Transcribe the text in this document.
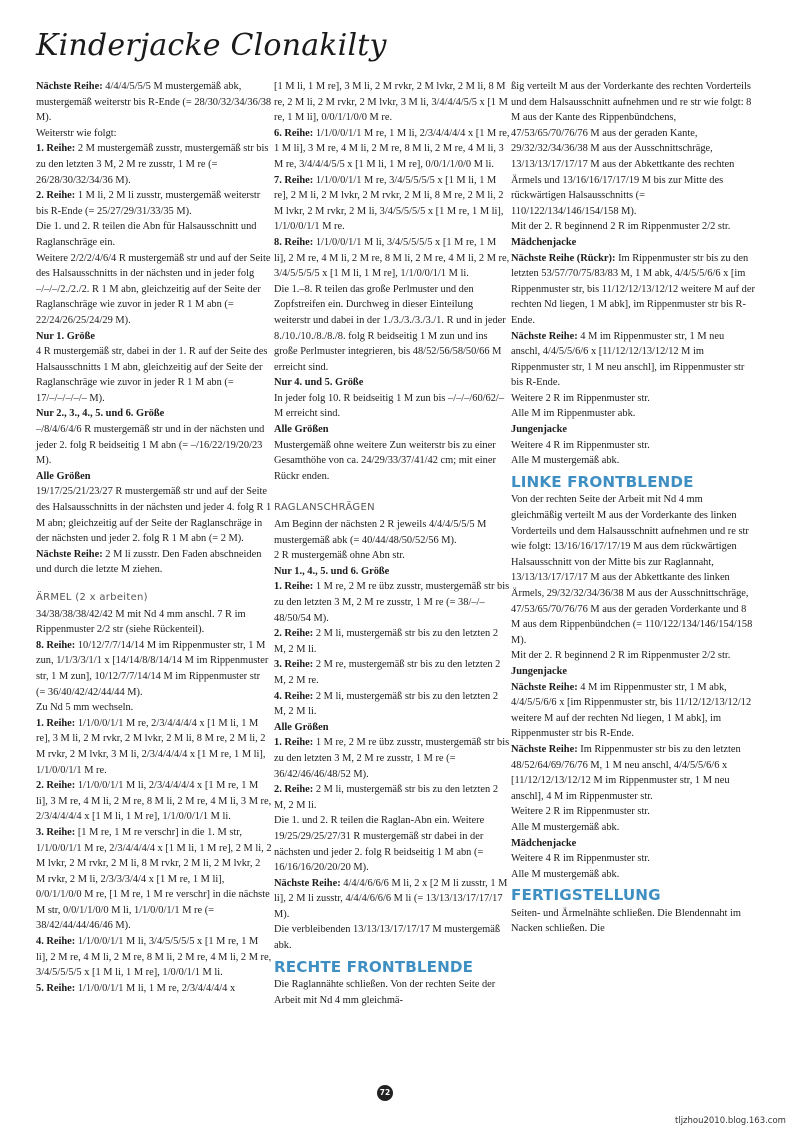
Kinderjacke Clonakilty

Nächste Reihe: 4/4/4/5/5/5 M mustergemäß abk, mustergemäß weiterstr bis R-Ende (= 28/30/32/34/36/38 M).

Weiterstr wie folgt:

1. Reihe: 2 M mustergemäß zusstr, mustergemäß str bis zu den letzten 3 M, 2 M re zusstr, 1 M re (= 26/28/30/32/34/36 M).

2. Reihe: 1 M li, 2 M li zusstr, mustergemäß weiterstr bis R-Ende (= 25/27/29/31/33/35 M).

Die 1. und 2. R teilen die Abn für Halsausschnitt und Raglanschräge ein.

Weitere 2/2/2/4/6/4 R mustergemäß str und auf der Seite des Halsausschnitts in der nächsten und in jeder folg –/–/–/2./2./2. R 1 M abn, gleichzeitig auf der Seite der Raglanschräge wie zuvor in jeder R 1 M abn (= 22/24/26/25/24/29 M).

Nur 1. Größe

4 R mustergemäß str, dabei in der 1. R auf der Seite des Halsausschnitts 1 M abn, gleichzeitig auf der Seite der Raglanschräge wie zuvor in jeder R 1 M abn (= 17/–/–/–/–/– M).

Nur 2., 3., 4., 5. und 6. Größe

–/8/4/6/4/6 R mustergemäß str und in der nächsten und jeder 2. folg R beidseitig 1 M abn (= –/16/22/19/20/23 M).

Alle Größen

19/17/25/21/23/27 R mustergemäß str und auf der Seite des Halsausschnitts in der nächsten und jeder 4. folg R 1 M abn; gleichzeitig auf der Seite der Raglanschräge in der nächsten und jeder 2. folg R 1 M abn (= 2 M).

Nächste Reihe: 2 M li zusstr. Den Faden abschneiden und durch die letzte M ziehen.

ÄRMEL (2 x arbeiten)

34/38/38/38/42/42 M mit Nd 4 mm anschl. 7 R im Rippenmuster 2/2 str (siehe Rückenteil).

8. Reihe: 10/12/7/7/14/14 M im Rippenmuster str, 1 M zun, 1/1/3/3/1/1 x [14/14/8/8/14/14 M im Rippenmuster str, 1 M zun], 10/12/7/7/14/14 M im Rippenmuster str (= 36/40/42/42/44/44 M).

Zu Nd 5 mm wechseln.

1. Reihe: 1/1/0/0/1/1 M re, 2/3/4/4/4/4 x [1 M li, 1 M re], 3 M li, 2 M rvkr, 2 M lvkr, 2 M li, 8 M re, 2 M li, 2 M rvkr, 2 M lvkr, 3 M li, 2/3/4/4/4/4 x [1 M re, 1 M li], 1/1/0/0/1/1 M re.

2. Reihe: 1/1/0/0/1/1 M li, 2/3/4/4/4/4 x [1 M re, 1 M li], 3 M re, 4 M li, 2 M re, 8 M li, 2 M re, 4 M li, 3 M re, 2/3/4/4/4/4 x [1 M li, 1 M re], 1/1/0/0/1/1 M li.

3. Reihe: [1 M re, 1 M re verschr] in die 1. M str, 1/1/0/0/1/1 M re, 2/3/4/4/4/4 x [1 M li, 1 M re], 2 M li, 2 M lvkr, 2 M rvkr, 2 M li, 8 M rvkr, 2 M li, 2 M lvkr, 2 M rvkr, 2 M li, 2/3/3/3/4/4 x [1 M re, 1 M li], 0/0/1/1/0/0 M re, [1 M re, 1 M re verschr] in die nächste M str, 0/0/1/1/0/0 M li, 1/1/0/0/1/1 M re (= 38/42/44/44/46/46 M).

4. Reihe: 1/1/0/0/1/1 M li, 3/4/5/5/5/5 x [1 M re, 1 M li], 2 M re, 4 M li, 2 M re, 8 M li, 2 M re, 4 M li, 2 M re, 3/4/5/5/5/5 x [1 M li, 1 M re], 1/0/0/1/1 M li.

5. Reihe: 1/1/0/0/1/1 M li, 1 M re, 2/3/4/4/4/4 x

[1 M li, 1 M re], 3 M li, 2 M rvkr, 2 M lvkr, 2 M li, 8 M re, 2 M li, 2 M rvkr, 2 M lvkr, 3 M li, 3/4/4/4/5/5 x [1 M re, 1 M li], 0/0/1/1/0/0 M re.

6. Reihe: 1/1/0/0/1/1 M re, 1 M li, 2/3/4/4/4/4 x [1 M re, 1 M li], 3 M re, 4 M li, 2 M re, 8 M li, 2 M re, 4 M li, 3 M re, 3/4/4/4/5/5 x [1 M li, 1 M re], 0/0/1/1/0/0 M li.

7. Reihe: 1/1/0/0/1/1 M re, 3/4/5/5/5/5 x [1 M li, 1 M re], 2 M li, 2 M lvkr, 2 M rvkr, 2 M li, 8 M re, 2 M li, 2 M lvkr, 2 M rvkr, 2 M li, 3/4/5/5/5/5 x [1 M re, 1 M li], 1/1/0/0/1/1 M re.

8. Reihe: 1/1/0/0/1/1 M li, 3/4/5/5/5/5 x [1 M re, 1 M li], 2 M re, 4 M li, 2 M re, 8 M li, 2 M re, 4 M li, 2 M re, 3/4/5/5/5/5 x [1 M li, 1 M re], 1/1/0/0/1/1 M li.

Die 1.–8. R teilen das große Perlmuster und den Zopfstreifen ein. Durchweg in dieser Einteilung weiterstr und dabei in der 1./3./3./3./3./1. R und in jeder 8./10./10./8./8./8. folg R beidseitig 1 M zun und ins große Perlmuster integrieren, bis 48/52/56/58/50/66 M erreicht sind.

Nur 4. und 5. Größe

In jeder folg 10. R beidseitig 1 M zun bis –/–/–/60/62/– M erreicht sind.

Alle Größen

Mustergemäß ohne weitere Zun weiterstr bis zu einer Gesamthöhe von ca. 24/29/33/37/41/42 cm; mit einer Rückr enden.

RAGLANSCHRÄGEN

Am Beginn der nächsten 2 R jeweils 4/4/4/5/5/5 M mustergemäß abk (= 40/44/48/50/52/56 M).

2 R mustergemäß ohne Abn str.

Nur 1., 4., 5. und 6. Größe

1. Reihe: 1 M re, 2 M re übz zusstr, mustergemäß str bis zu den letzten 3 M, 2 M re zusstr, 1 M re (= 38/–/–48/50/54 M).

2. Reihe: 2 M li, mustergemäß str bis zu den letzten 2 M, 2 M li.

3. Reihe: 2 M re, mustergemäß str bis zu den letzten 2 M, 2 M re.

4. Reihe: 2 M li, mustergemäß str bis zu den letzten 2 M, 2 M li.

Alle Größen

1. Reihe: 1 M re, 2 M re übz zusstr, mustergemäß str bis zu den letzten 3 M, 2 M re zusstr, 1 M re (= 36/42/46/46/48/52 M).

2. Reihe: 2 M li, mustergemäß str bis zu den letzten 2 M, 2 M li.

Die 1. und 2. R teilen die Raglan-Abn ein. Weitere 19/25/29/25/27/31 R mustergemäß str dabei in der nächsten und jeder 2. folg R beidseitig 1 M abn (= 16/16/16/20/20/20 M).

Nächste Reihe: 4/4/4/6/6/6 M li, 2 x [2 M li zusstr, 1 M li], 2 M li zusstr, 4/4/4/6/6/6 M li (= 13/13/13/17/17/17 M).

Die verbleibenden 13/13/13/17/17/17 M mustergemäß abk.

RECHTE FRONTBLENDE

Die Raglannähte schließen. Von der rechten Seite der Arbeit mit Nd 4 mm gleichmä-

ßig verteilt M aus der Vorderkante des rechten Vorderteils und dem Halsausschnitt aufnehmen und re str wie folgt: 8 M aus der Kante des Rippenbündchens, 47/53/65/70/76/76 M aus der geraden Kante, 29/32/32/34/36/38 M aus der Ausschnittschräge, 13/13/13/17/17/17 M aus der Abkettkante des rechten Ärmels und 13/16/16/17/17/19 M bis zur Mitte des rückwärtigen Halsausschnitts (= 110/122/134/146/154/158 M).

Mit der 2. R beginnend 2 R im Rippenmuster 2/2 str.

Mädchenjacke

Nächste Reihe (Rückr): Im Rippenmuster str bis zu den letzten 53/57/70/75/83/83 M, 1 M abk, 4/4/5/5/6/6 x [im Rippenmuster str, bis 11/12/12/13/12/12 weitere M auf der rechten Nd liegen, 1 M abk], im Rippenmuster str bis R-Ende.

Nächste Reihe: 4 M im Rippenmuster str, 1 M neu anschl, 4/4/5/5/6/6 x [11/12/12/13/12/12 M im Rippenmuster str, 1 M neu anschl], im Rippenmuster str bis R-Ende.

Weitere 2 R im Rippenmuster str.

Alle M im Rippenmuster abk.

Jungenjacke

Weitere 4 R im Rippenmuster str.

Alle M mustergemäß abk.

LINKE FRONTBLENDE

Von der rechten Seite der Arbeit mit Nd 4 mm gleichmäßig verteilt M aus der Vorderkante des linken Vorderteils und dem Halsausschnitt aufnehmen und re str wie folgt: 13/16/16/17/17/19 M aus dem rückwärtigen Halsausschnitt von der Mitte bis zur Raglannaht, 13/13/13/17/17/17 M aus der Abkettkante des linken Ärmels, 29/32/32/34/36/38 M aus der Ausschnittschräge, 47/53/65/70/76/76 M aus der geraden Vorderkante und 8 M aus dem Rippenbündchen (= 110/122/134/146/154/158 M).

Mit der 2. R beginnend 2 R im Rippenmuster 2/2 str.

Jungenjacke

Nächste Reihe: 4 M im Rippenmuster str, 1 M abk, 4/4/5/5/6/6 x [im Rippenmuster str, bis 11/12/12/13/12/12 weitere M auf der rechten Nd liegen, 1 M abk], im Rippenmuster str bis R-Ende.

Nächste Reihe: Im Rippenmuster str bis zu den letzten 48/52/64/69/76/76 M, 1 M neu anschl, 4/4/5/5/6/6 x [11/12/12/13/12/12 M im Rippenmuster str, 1 M neu anschl], 4 M im Rippenmuster str.

Weitere 2 R im Rippenmuster str.

Alle M mustergemäß abk.

Mädchenjacke

Weitere 4 R im Rippenmuster str.

Alle M mustergemäß abk.

FERTIGSTELLUNG

Seiten- und Ärmelnähte schließen. Die Blendennaht im Nacken schließen. Die

72
tljzhou2010.blog.163.com
